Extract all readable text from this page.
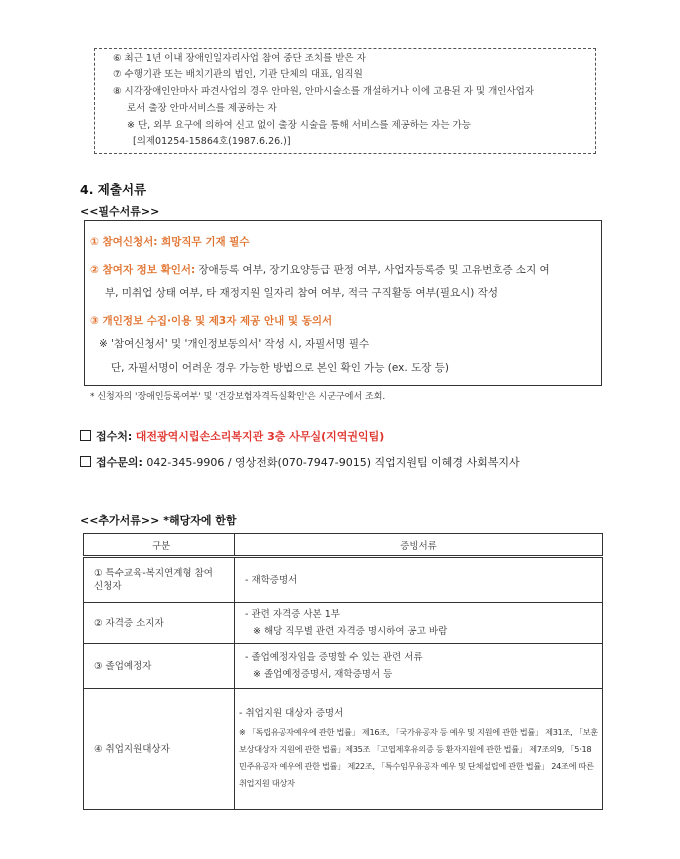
⑥ 최근 1년 이내 장애인일자리사업 참여 중단 조치를 받은 자
⑦ 수행기관 또는 배치기관의 법인, 기관 단체의 대표, 임직원
⑧ 시각장애인안마사 파견사업의 경우 안마원, 안마시술소를 개설하거나 이에 고용된 자 및 개인사업자
로서 출장 안마서비스를 제공하는 자
※ 단, 외부 요구에 의하여 신고 없이 출장 시술을 통해 서비스를 제공하는 자는 가능
[의제01254-15864호(1987.6.26.)]
4. 제출서류
<<필수서류>>
① 참여신청서: 희망직무 기재 필수
② 참여자 정보 확인서: 장애등록 여부, 장기요양등급 판정 여부, 사업자등록증 및 고유번호증 소지 여
부, 미취업 상태 여부, 타 재정지원 일자리 참여 여부, 적극 구직활동 여부(필요시) 작성
③ 개인정보 수집·이용 및 제3자 제공 안내 및 동의서
※ '참여신청서' 및 '개인정보동의서' 작성 시, 자필서명 필수
단, 자필서명이 어려운 경우 가능한 방법으로 본인 확인 가능 (ex. 도장 등)
* 신청자의 '장애인등록여부' 및 '건강보험자격득실확인'은 시군구에서 조회.
접수처: 대전광역시립손소리복지관 3층 사무실(지역권익팀)
접수문의: 042-345-9906 / 영상전화(070-7947-9015) 직업지원팀 이혜경 사회복지사
<<추가서류>> *해당자에 한함
구분	증빙서류

① 특수교육-복지연계형 참여 신청자	- 재학증명서

② 자격증 소지자	- 관련 자격증 사본 1부
※ 해당 직무별 관련 자격증 명시하여 공고 바람

③ 졸업예정자	- 졸업예정자임을 증명할 수 있는 관련 서류
※ 졸업예정증명서, 재학증명서 등

④ 취업지원대상자	- 취업지원 대상자 증명서
※ 「독립유공자예우에 관한 법률」 제16조, 「국가유공자 등 예우 및 지원에 관한 법률」 제31조, 「보훈보상대상자 지원에 관한 법률」제35조 「고엽제후유의증 등 환자지원에 관한 법률」 제7조의9, 「5·18민주유공자 예우에 관한 법률」 제22조, 「특수임무유공자 예우 및 단체설립에 관한 법률」 24조에 따른 취업지원 대상자
